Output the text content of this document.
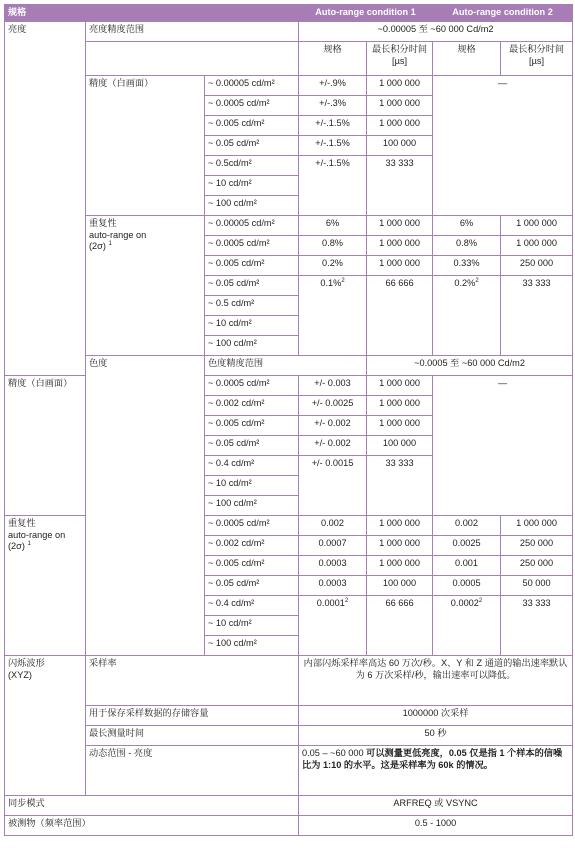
规格			Auto-range condition 1		Auto-range condition 2	
亮度	亮度精度范围		~0.00005 至 ~60 000 Cd/m2			
			规格	最长积分时间 [µs]	规格	最长积分时间 [µs]
	精度（白画面）	~ 0.00005 cd/m²	+/-.9%	1 000 000	—	
		~ 0.0005 cd/m²	+/-.3%	1 000 000		
		~ 0.005 cd/m²	+/-.1.5%	1 000 000		
		~ 0.05 cd/m²	+/-.1.5%	100 000		
		~ 0.5cd/m²	+/-.1.5%	33 333		
		~ 10 cd/m²				
		~ 100 cd/m²				
	重复性
auto-range on
(2σ) $^1$	~ 0.00005 cd/m²	6%	1 000 000	6%	1 000 000
		~ 0.0005 cd/m²	0.8%	1 000 000	0.8%	1 000 000
		~ 0.005 cd/m²	0.2%	1 000 000	0.33%	250 000
		~ 0.05 cd/m²	0.1%$^2$	66 666	0.2%$^2$	33 333
		~ 0.5 cd/m²				
		~ 10 cd/m²				
		~ 100 cd/m²				
	色度	色度精度范围		~0.0005 至 ~60 000 Cd/m2		
精度（白画面）		~ 0.0005 cd/m²	+/- 0.003	1 000 000	—	
		~ 0.002 cd/m²	+/- 0.0025	1 000 000		
		~ 0.005 cd/m²	+/- 0.002	1 000 000		
		~ 0.05 cd/m²	+/- 0.002	100 000		
		~ 0.4 cd/m²	+/- 0.0015	33 333		
		~ 10 cd/m²				
		~ 100 cd/m²				
重复性
auto-range on
(2σ) $^1$		~ 0.0005 cd/m²	0.002	1 000 000	0.002	1 000 000
		~ 0.002 cd/m²	0.0007	1 000 000	0.0025	250 000
		~ 0.005 cd/m²	0.0003	1 000 000	0.001	250 000
		~ 0.05 cd/m²	0.0003	100 000	0.0005	50 000
		~ 0.4 cd/m²	0.0001$^2$	66 666	0.0002$^2$	33 333
		~ 10 cd/m²				
		~ 100 cd/m²				
闪烁波形
(XYZ)	采样率		内部闪烁采样率高达 60 万次/秒。X、Y 和 Z 通道的输出速率默认为 6 万次采样/秒，输出速率可以降低。			
	用于保存采样数据的存储容量		1000000 次采样			
	最长测量时间		50 秒			
	动态范围 - 亮度		0.05 – ~60 000 可以测量更低亮度，0.05 仅是指 1 个样本的信噪比为 1:10 的水平。这是采样率为 60k 的情况。			
同步模式			ARFREQ 或 VSYNC			
被测物（频率范围）			0.5 - 1000			
